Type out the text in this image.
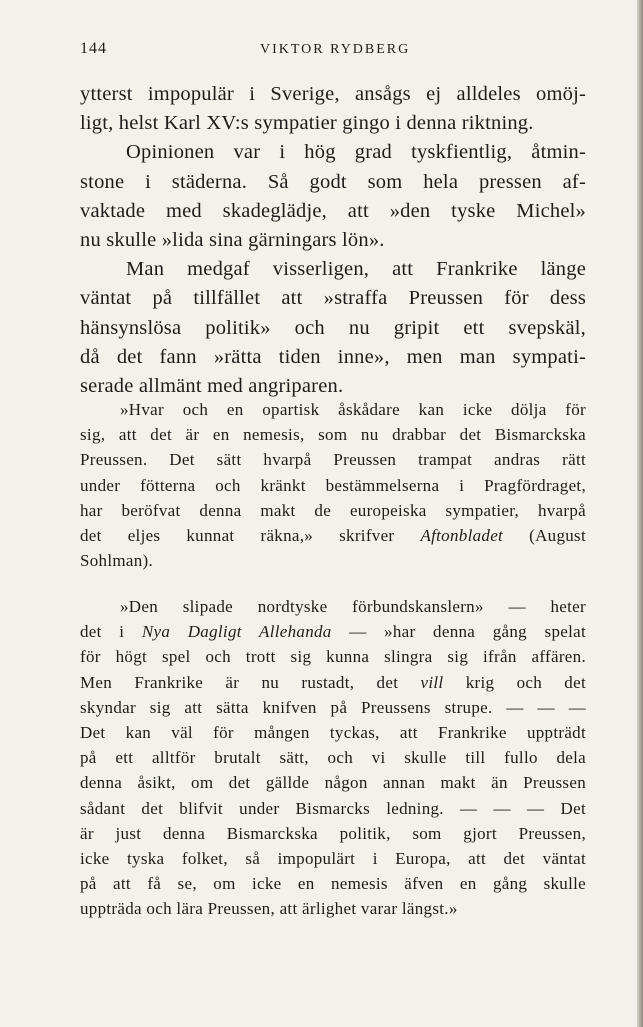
144	VIKTOR RYDBERG
ytterst impopulär i Sverige, ansågs ej alldeles omöj-
ligt, helst Karl XV:s sympatier gingo i denna riktning.
Opinionen var i hög grad tyskfientlig, åtmin-
stone i städerna. Så godt som hela pressen af-
vaktade med skadeglädje, att »den tyske Michel»
nu skulle »lida sina gärningars lön».
Man medgaf visserligen, att Frankrike länge
väntat på tillfället att »straffa Preussen för dess
hänsynslösa politik» och nu gripit ett svepskäl,
då det fann »rätta tiden inne», men man sympati-
serade allmänt med angriparen.
»Hvar och en opartisk åskådare kan icke dölja för
sig, att det är en nemesis, som nu drabbar det Bismarckska
Preussen. Det sätt hvarpå Preussen trampat andras rätt
under fötterna och kränkt bestämmelserna i Pragfördraget,
har beröfvat denna makt de europeiska sympatier, hvarpå
det eljes kunnat räkna,» skrifver Aftonbladet (August
Sohlman).
»Den slipade nordtyske förbundskanslern» — heter
det i Nya Dagligt Allehanda — »har denna gång spelat
för högt spel och trott sig kunna slingra sig ifrån affären.
Men Frankrike är nu rustadt, det vill krig och det
skyndar sig att sätta knifven på Preussens strupe. — — —
Det kan väl för mången tyckas, att Frankrike uppträdt
på ett alltför brutalt sätt, och vi skulle till fullo dela
denna åsikt, om det gällde någon annan makt än Preussen
sådant det blifvit under Bismarcks ledning. — — — Det
är just denna Bismarckska politik, som gjort Preussen,
icke tyska folket, så impopulärt i Europa, att det väntat
på att få se, om icke en nemesis äfven en gång skulle
uppträda och lära Preussen, att ärlighet varar längst.»
